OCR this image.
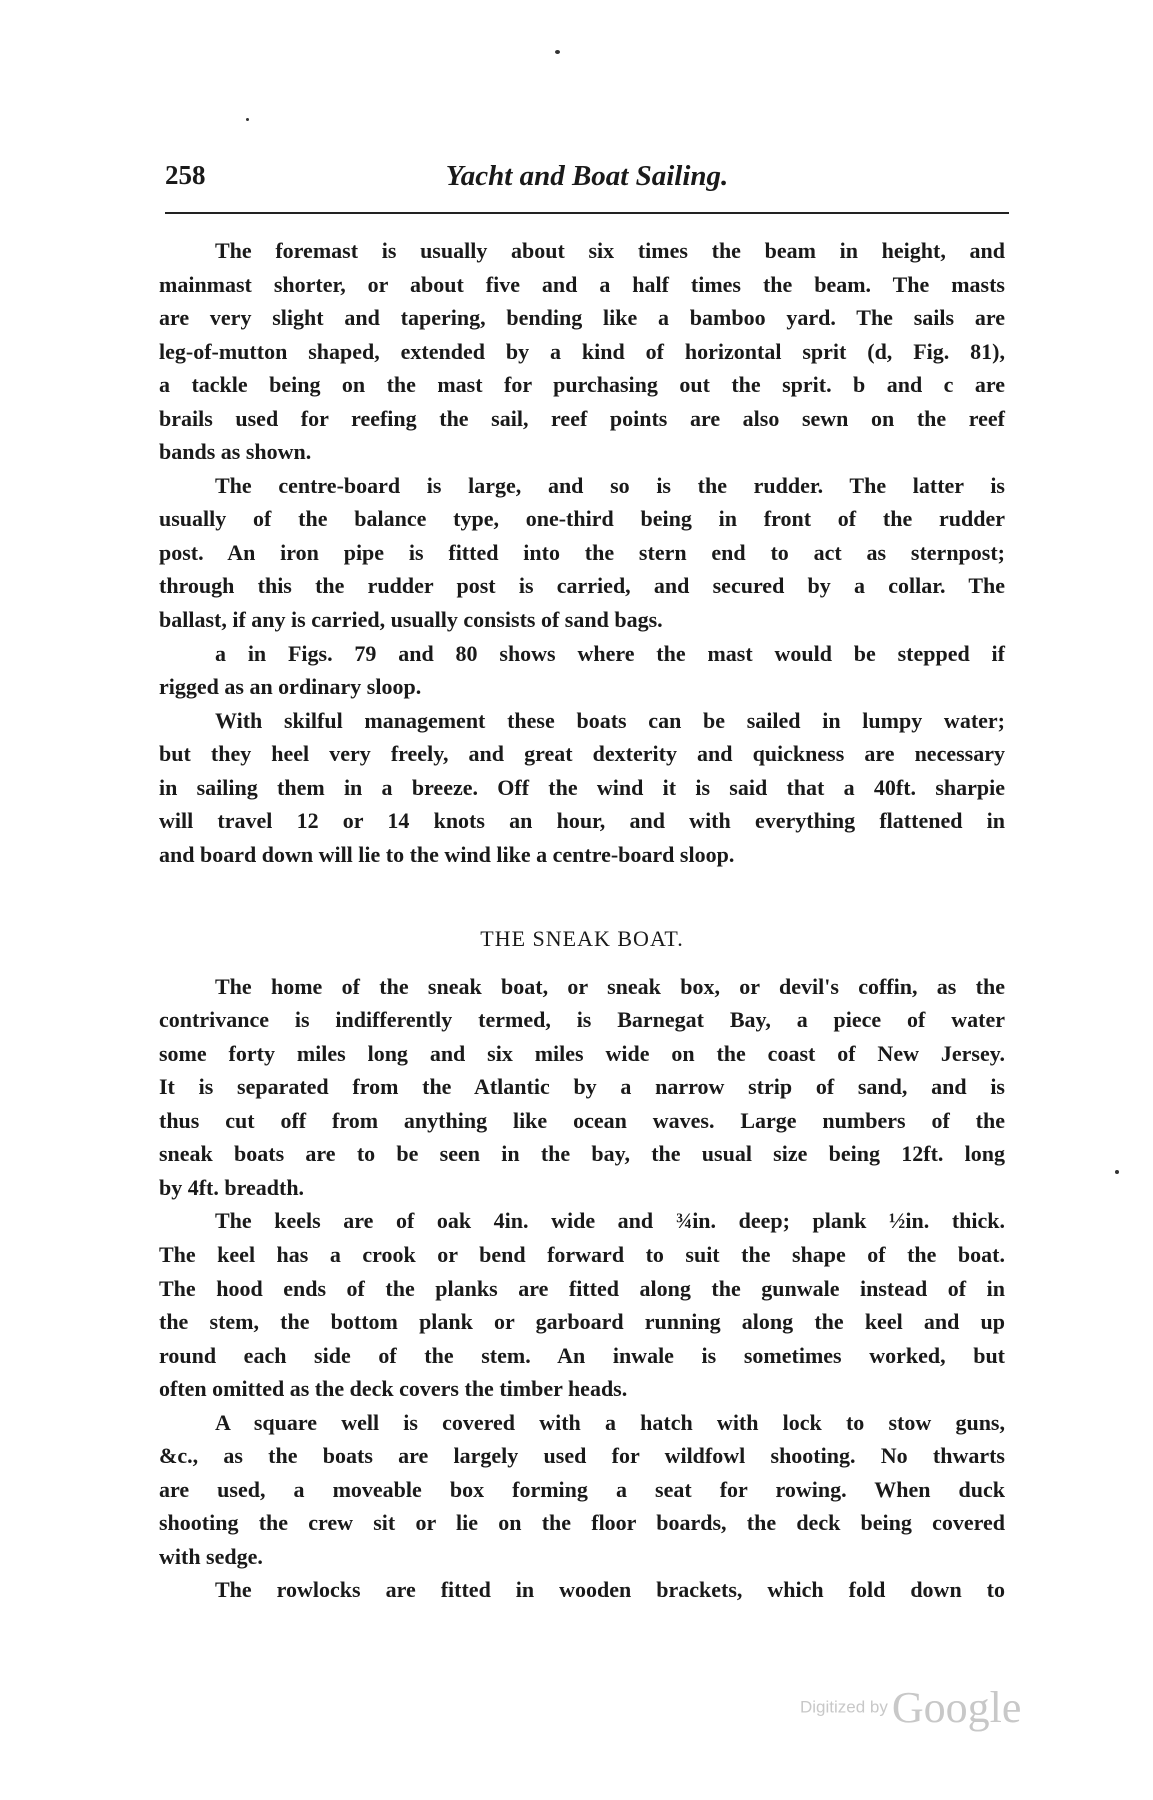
258	Yacht and Boat Sailing.
The foremast is usually about six times the beam in height, and
mainmast shorter, or about five and a half times the beam. The masts
are very slight and tapering, bending like a bamboo yard. The sails are
leg-of-mutton shaped, extended by a kind of horizontal sprit (d, Fig. 81),
a tackle being on the mast for purchasing out the sprit. b and c are
brails used for reefing the sail, reef points are also sewn on the reef
bands as shown.
The centre-board is large, and so is the rudder. The latter is
usually of the balance type, one-third being in front of the rudder
post. An iron pipe is fitted into the stern end to act as sternpost;
through this the rudder post is carried, and secured by a collar. The
ballast, if any is carried, usually consists of sand bags.
a in Figs. 79 and 80 shows where the mast would be stepped if
rigged as an ordinary sloop.
With skilful management these boats can be sailed in lumpy water;
but they heel very freely, and great dexterity and quickness are necessary
in sailing them in a breeze. Off the wind it is said that a 40ft. sharpie
will travel 12 or 14 knots an hour, and with everything flattened in
and board down will lie to the wind like a centre-board sloop.
THE SNEAK BOAT.
The home of the sneak boat, or sneak box, or devil's coffin, as the
contrivance is indifferently termed, is Barnegat Bay, a piece of water
some forty miles long and six miles wide on the coast of New Jersey.
It is separated from the Atlantic by a narrow strip of sand, and is
thus cut off from anything like ocean waves. Large numbers of the
sneak boats are to be seen in the bay, the usual size being 12ft. long
by 4ft. breadth.
The keels are of oak 4in. wide and ¾in. deep; plank ½in. thick.
The keel has a crook or bend forward to suit the shape of the boat.
The hood ends of the planks are fitted along the gunwale instead of in
the stem, the bottom plank or garboard running along the keel and up
round each side of the stem. An inwale is sometimes worked, but
often omitted as the deck covers the timber heads.
A square well is covered with a hatch with lock to stow guns,
&c., as the boats are largely used for wildfowl shooting. No thwarts
are used, a moveable box forming a seat for rowing. When duck
shooting the crew sit or lie on the floor boards, the deck being covered
with sedge.
The rowlocks are fitted in wooden brackets, which fold down to
Digitized by Google
